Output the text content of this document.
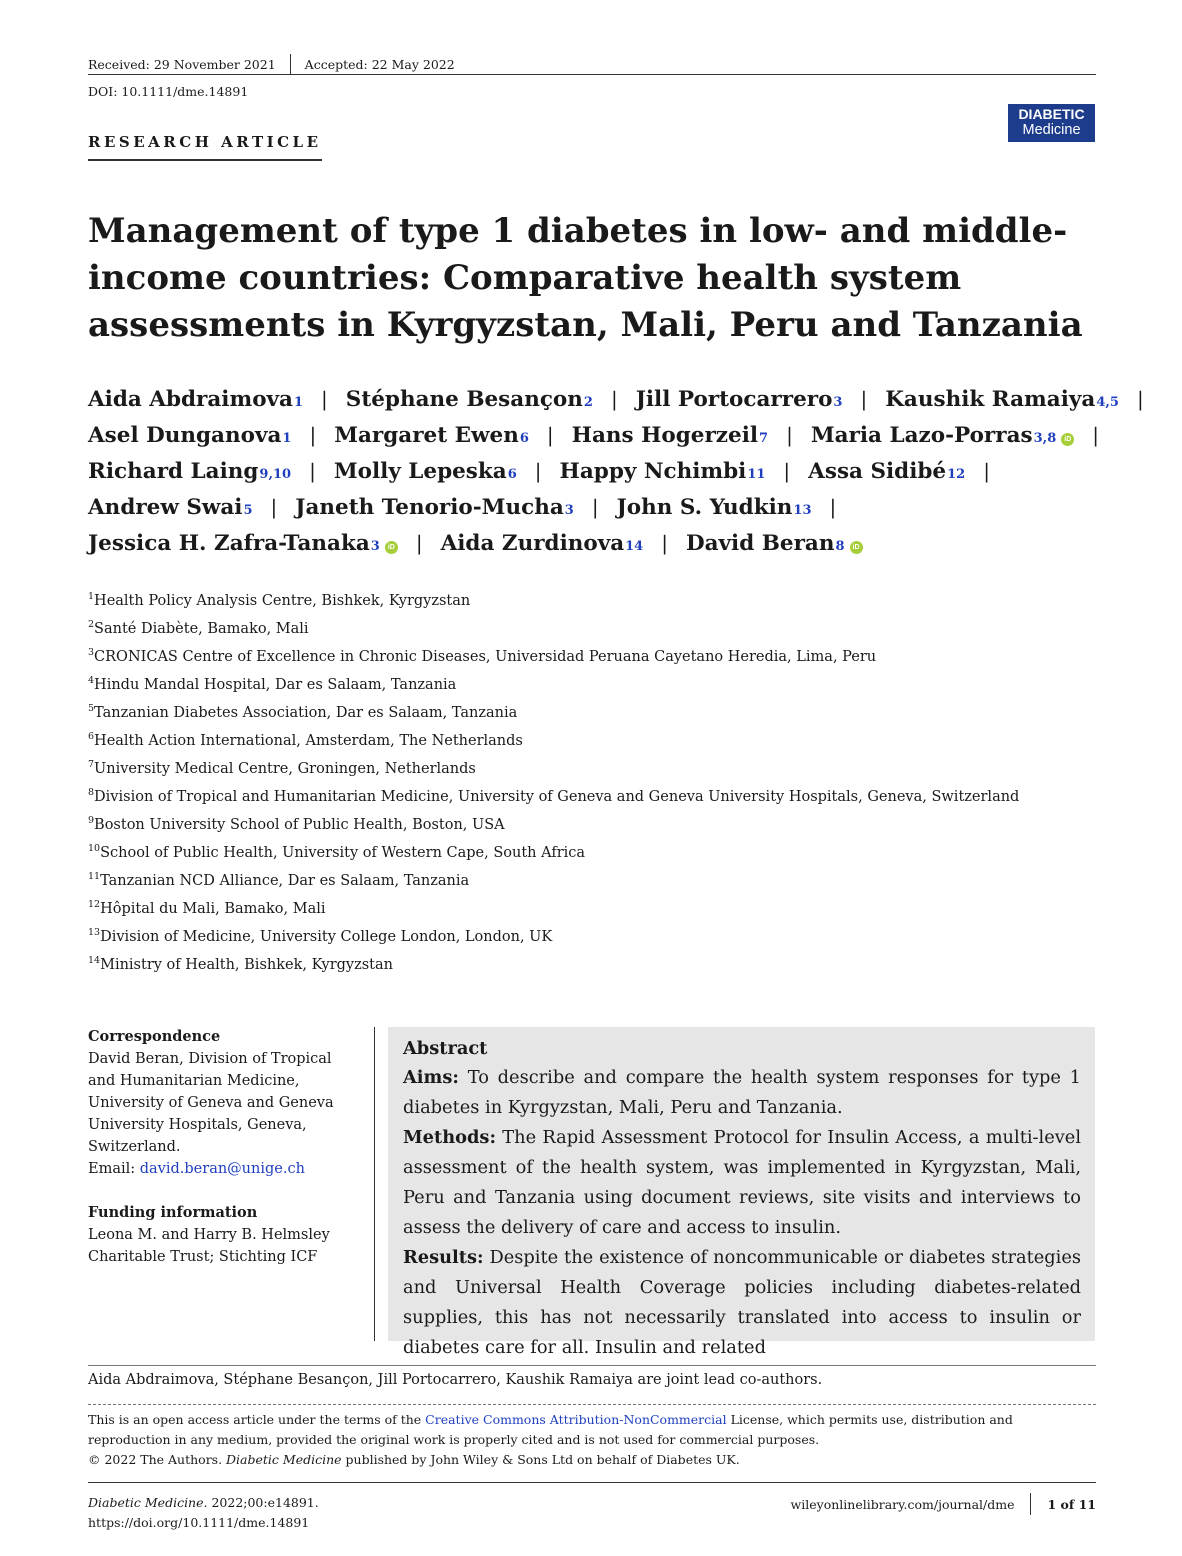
Received: 29 November 2021 Accepted: 22 May 2022
DOI: 10.1111/dme.14891
RESEARCH ARTICLE
DIABETIC
Medicine
Management of type 1 diabetes in low- and middle-income countries: Comparative health system assessments in Kyrgyzstan, Mali, Peru and Tanzania
Aida Abdraimova 1 | Stéphane Besançon 2 | Jill Portocarrero 3 | Kaushik Ramaiya 4,5 |
Asel Dunganova 1 | Margaret Ewen 6 | Hans Hogerzeil 7 | Maria Lazo-Porras 3,8	iD |
Richard Laing 9,10 | Molly Lepeska 6 | Happy Nchimbi 11 | Assa Sidibé 12 |
Andrew Swai 5 | Janeth Tenorio-Mucha 3 | John S. Yudkin 13 |
Jessica H. Zafra-Tanaka 3	iD | Aida Zurdinova 14 | David Beran 8	iD
$^1$Health Policy Analysis Centre, Bishkek, Kyrgyzstan
$^2$Santé Diabète, Bamako, Mali
$^3$CRONICAS Centre of Excellence in Chronic Diseases, Universidad Peruana Cayetano Heredia, Lima, Peru
$^4$Hindu Mandal Hospital, Dar es Salaam, Tanzania
$^5$Tanzanian Diabetes Association, Dar es Salaam, Tanzania
$^6$Health Action International, Amsterdam, The Netherlands
$^7$University Medical Centre, Groningen, Netherlands
$^8$Division of Tropical and Humanitarian Medicine, University of Geneva and Geneva University Hospitals, Geneva, Switzerland
$^9$Boston University School of Public Health, Boston, USA
$^{10}$School of Public Health, University of Western Cape, South Africa
$^{11}$Tanzanian NCD Alliance, Dar es Salaam, Tanzania
$^{12}$Hôpital du Mali, Bamako, Mali
$^{13}$Division of Medicine, University College London, London, UK
$^{14}$Ministry of Health, Bishkek, Kyrgyzstan
Correspondence
David Beran, Division of Tropical and Humanitarian Medicine, University of Geneva and Geneva University Hospitals, Geneva, Switzerland.
Email: david.beran@unige.ch
Funding information
Leona M. and Harry B. Helmsley Charitable Trust; Stichting ICF
Abstract

Aims: To describe and compare the health system responses for type 1 diabetes in Kyrgyzstan, Mali, Peru and Tanzania.

Methods: The Rapid Assessment Protocol for Insulin Access, a multi-level assessment of the health system, was implemented in Kyrgyzstan, Mali, Peru and Tanzania using document reviews, site visits and interviews to assess the delivery of care and access to insulin.

Results: Despite the existence of noncommunicable or diabetes strategies and Universal Health Coverage policies including diabetes-related supplies, this has not necessarily translated into access to insulin or diabetes care for all. Insulin and related

Aida Abdraimova, Stéphane Besançon, Jill Portocarrero, Kaushik Ramaiya are joint lead co-authors.
This is an open access article under the terms of the Creative Commons Attribution-NonCommercial License, which permits use, distribution and reproduction in any medium, provided the original work is properly cited and is not used for commercial purposes.
© 2022 The Authors. Diabetic Medicine published by John Wiley & Sons Ltd on behalf of Diabetes UK.
Diabetic Medicine. 2022;00:e14891.
https://doi.org/10.1111/dme.14891
wileyonlinelibrary.com/journal/dme	1 of 11
